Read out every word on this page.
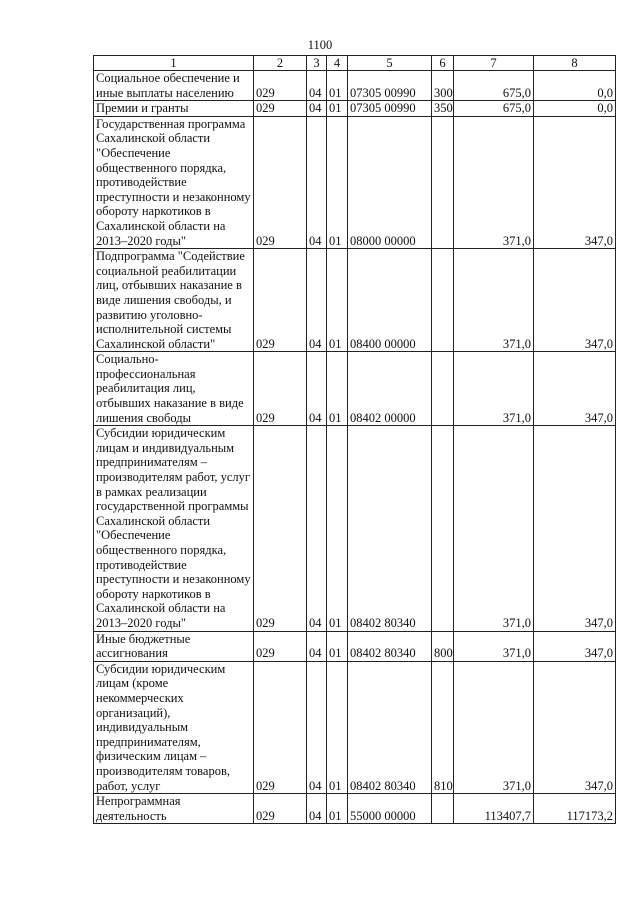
1100
1	2	3	4	5	6	7	8
Социальное обеспечение и иные выплаты населению	029	04	01	07305 00990	300	675,0	0,0
Премии и гранты	029	04	01	07305 00990	350	675,0	0,0
Государственная программа Сахалинской области "Обеспечение общественного порядка, противодействие преступности и незаконному обороту наркотиков в Сахалинской области на 2013–2020 годы"	029	04	01	08000 00000		371,0	347,0
Подпрограмма "Содействие социальной реабилитации лиц, отбывших наказание в виде лишения свободы, и развитию уголовно-исполнительной системы Сахалинской области"	029	04	01	08400 00000		371,0	347,0
Социально-профессиональная реабилитация лиц, отбывших наказание в виде лишения свободы	029	04	01	08402 00000		371,0	347,0
Субсидии юридическим лицам и индивидуальным предпринимателям – производителям работ, услуг в рамках реализации государственной программы Сахалинской области "Обеспечение общественного порядка, противодействие преступности и незаконному обороту наркотиков в Сахалинской области на 2013–2020 годы"	029	04	01	08402 80340		371,0	347,0
Иные бюджетные ассигнования	029	04	01	08402 80340	800	371,0	347,0
Субсидии юридическим лицам (кроме некоммерческих организаций), индивидуальным предпринимателям, физическим лицам – производителям товаров, работ, услуг	029	04	01	08402 80340	810	371,0	347,0
Непрограммная деятельность	029	04	01	55000 00000		113407,7	117173,2
